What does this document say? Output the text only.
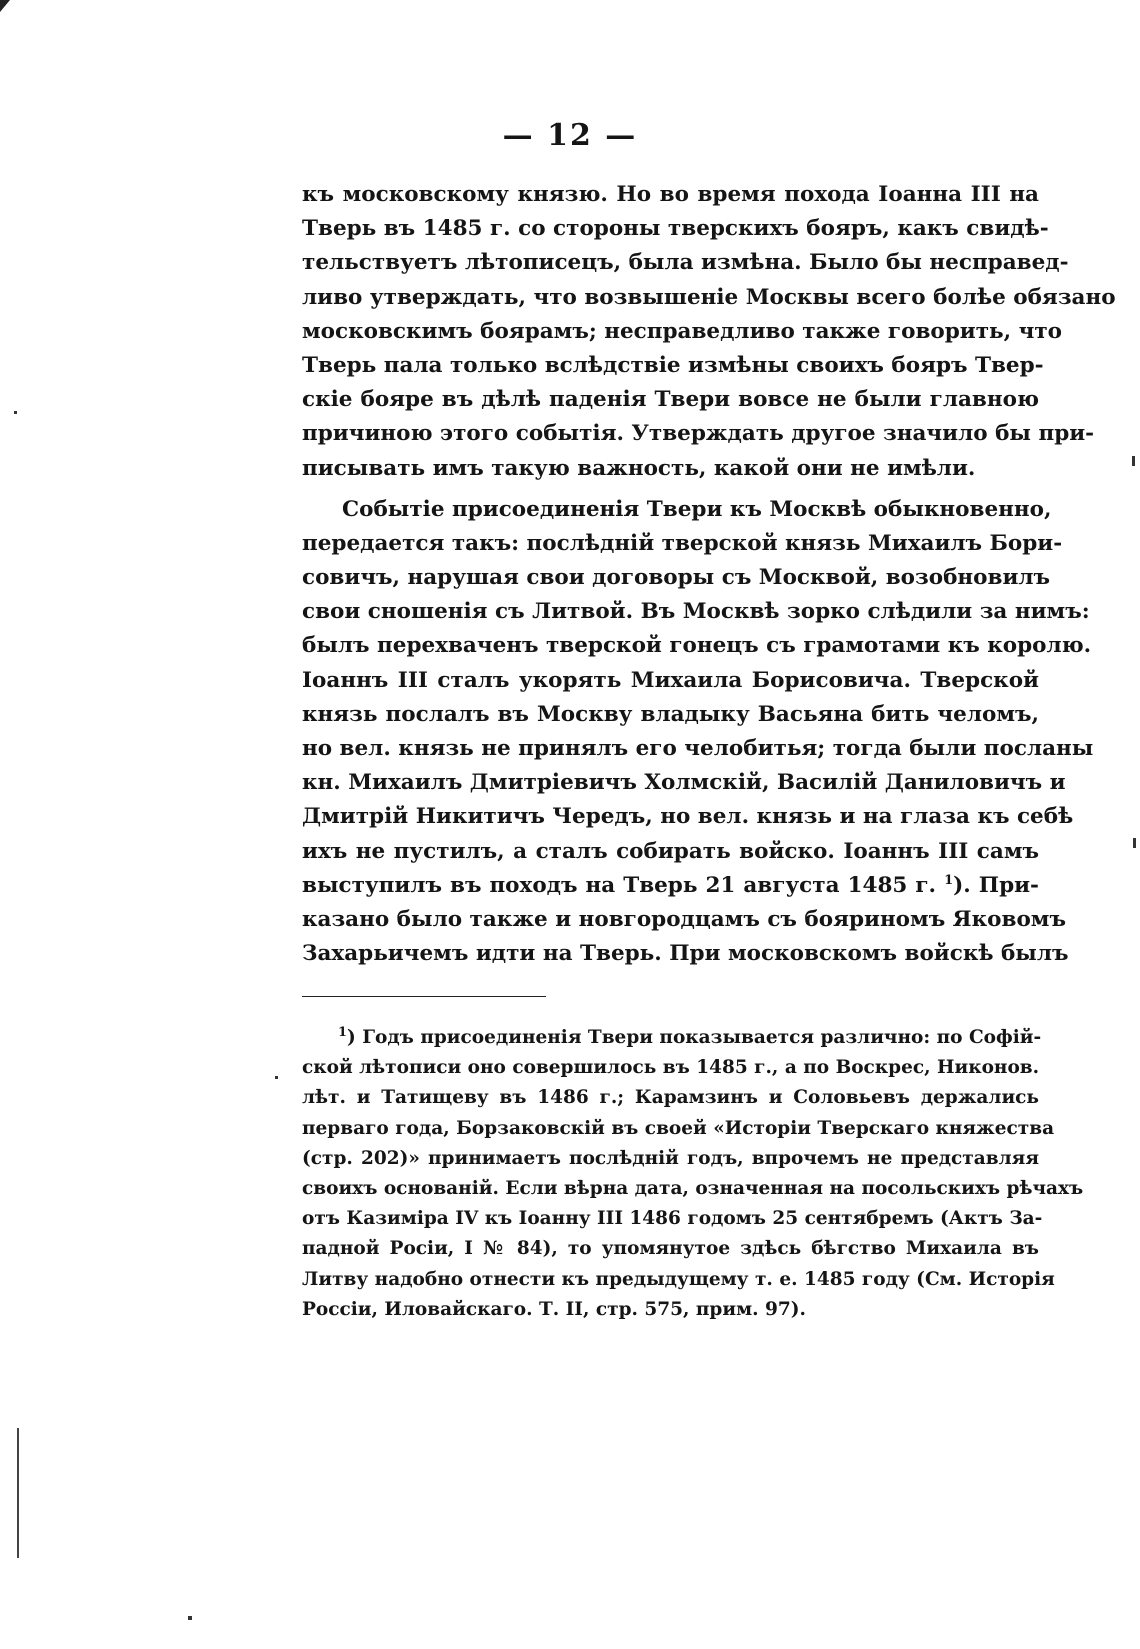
— 12 —
къ московскому князю. Но во время похода Іоанна III на
Тверь въ 1485 г. со стороны тверскихъ бояръ, какъ свидѣ-
тельствуетъ лѣтописецъ, была измѣна. Было бы несправед-
ливо утверждать, что возвышеніе Москвы всего болѣе обязано
московскимъ боярамъ; несправедливо также говорить, что
Тверь пала только вслѣдствіе измѣны своихъ бояръ Твер-
скіе бояре въ дѣлѣ паденія Твери вовсе не были главною
причиною этого событія. Утверждать другое значило бы при-
писывать имъ такую важность, какой они не имѣли.
Событіе присоединенія Твери къ Москвѣ обыкновенно,
передается такъ: послѣдній тверской князь Михаилъ Бори-
совичъ, нарушая свои договоры съ Москвой, возобновилъ
свои сношенія съ Литвой. Въ Москвѣ зорко слѣдили за нимъ:
былъ перехваченъ тверской гонецъ съ грамотами къ королю.
Іоаннъ III сталъ укорять Михаила Борисовича. Тверской
князь послалъ въ Москву владыку Васьяна бить челомъ,
но вел. князь не принялъ его челобитья; тогда были посланы
кн. Михаилъ Дмитріевичъ Холмскій, Василій Даниловичъ и
Дмитрій Никитичъ Чередъ, но вел. князь и на глаза къ себѣ
ихъ не пустилъ, а сталъ собирать войско. Іоаннъ III самъ
выступилъ въ походъ на Тверь 21 августа 1485 г. $^1$). При-
казано было также и новгородцамъ съ бояриномъ Яковомъ
Захарьичемъ идти на Тверь. При московскомъ войскѣ былъ
$^1$) Годъ присоединенія Твери показывается различно: по Софій-
ской лѣтописи оно совершилось въ 1485 г., а по Воскрес, Никонов.
лѣт. и Татищеву въ 1486 г.; Карамзинъ и Соловьевъ держались
перваго года, Борзаковскій въ своей «Исторіи Тверскаго княжества
(стр. 202)» принимаетъ послѣдній годъ, впрочемъ не представляя
своихъ основаній. Если вѣрна дата, означенная на посольскихъ рѣчахъ
отъ Казиміра IV къ Іоанну III 1486 годомъ 25 сентябремъ (Актъ За-
падной Росіи, I № 84), то упомянутое здѣсь бѣгство Михаила въ
Литву надобно отнести къ предыдущему т. е. 1485 году (См. Исторія
Россіи, Иловайскаго. Т. II, стр. 575, прим. 97).
